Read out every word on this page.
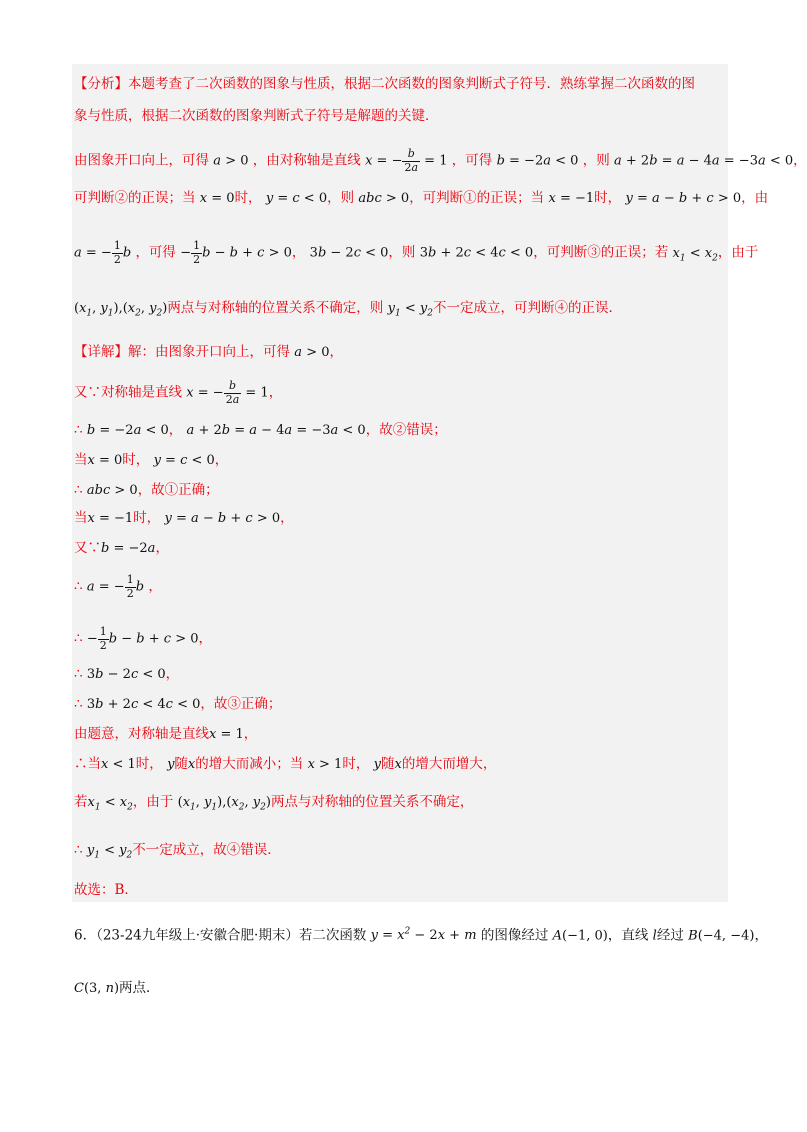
【分析】本题考查了二次函数的图象与性质，根据二次函数的图象判断式子符号．熟练掌握二次函数的图
象与性质，根据二次函数的图象判断式子符号是解题的关键．
由图象开口向上，可得 a > 0 ，由对称轴是直线 x = − $\frac{b}{2a} = 1$ ，可得 b = −2a < 0 ，则 a + 2b = a − 4a = −3a < 0，
可判断②的正误；当 x = 0时， y = c < 0，则 abc > 0，可判断①的正误；当 x = −1时， y = a − b + c > 0，由
a = − $\frac{1}{2}$ b ，可得 − $\frac{1}{2}$ b − b + c > 0， 3b − 2c < 0，则 3b + 2c < 4c < 0，可判断③的正误；若 $x_1 < x_2$，由于
($x_1$, $y_1),(x_2$, $y_2$)两点与对称轴的位置关系不确定，则 $y_1 < y_2$不一定成立，可判断④的正误．
【详解】解：由图象开口向上，可得 a > 0，
又∵对称轴是直线 x = − $\frac{b}{2a} = 1$，
∴ b = −2a < 0， a + 2b = a − 4a = −3a < 0，故②错误；
当x = 0时， y = c < 0，
∴ abc > 0，故①正确；
当x = −1时， y = a − b + c > 0，
又∵b = −2a，
∴ a = − $\frac{1}{2}$ b ，
∴ − $\frac{1}{2}$ b − b + c > 0，
∴ 3b − 2c < 0，
∴ 3b + 2c < 4c < 0，故③正确；
由题意，对称轴是直线x = 1，
∴当x < 1时， y随x的增大而减小；当 x > 1时， y随x的增大而增大，
若$x_1 < x_2$，由于 ($x_1$, $y_1),(x_2$, $y_2$)两点与对称轴的位置关系不确定，
∴ $y_1 < y_2$不一定成立，故④错误．
故选：B．
6．（23-24九年级上·安徽合肥·期末）若二次函数 $y = x^2 - 2x + m$ 的图像经过 A(−1, 0)，直线 l经过 B(−4, −4)，
C(3, n)两点．
